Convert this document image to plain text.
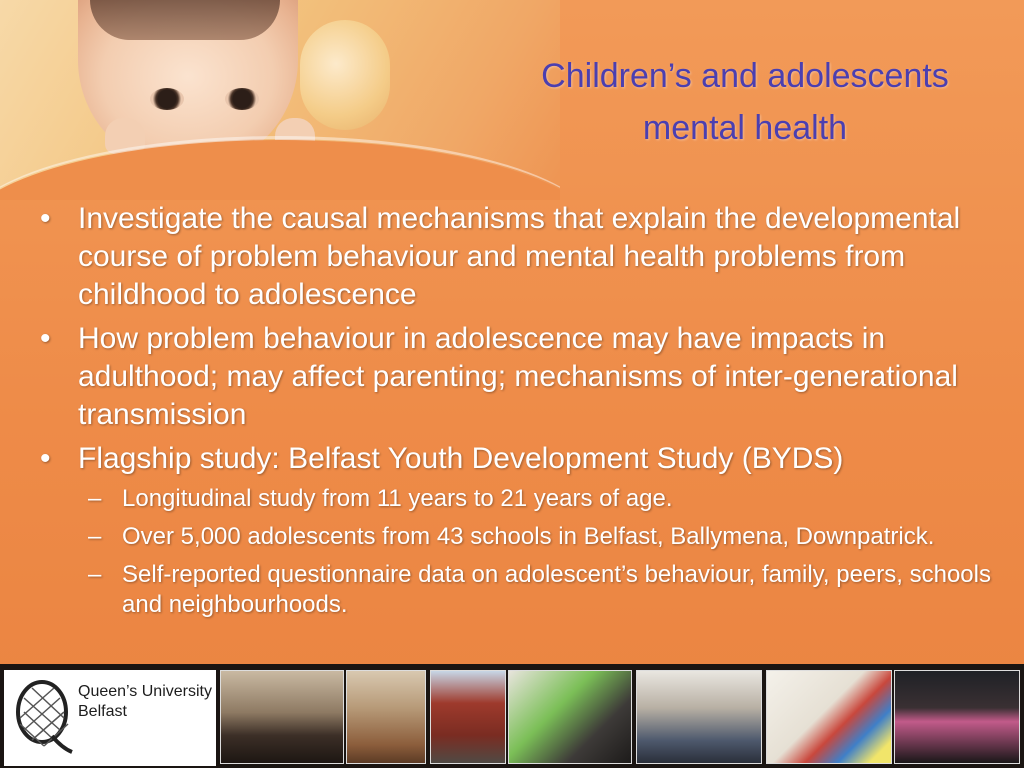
Children’s and adolescents
mental health
• Investigate the causal mechanisms that explain the developmental course of problem behaviour and mental health problems from childhood to adolescence
• How problem behaviour in adolescence may have impacts in adulthood; may affect parenting; mechanisms of inter-generational transmission
• Flagship study: Belfast Youth Development Study (BYDS)
– Longitudinal study from 11 years to 21 years of age.
– Over 5,000 adolescents from 43 schools in Belfast, Ballymena, Downpatrick.
– Self-reported questionnaire data on adolescent’s behaviour, family, peers, schools and neighbourhoods.
Queen’s University
Belfast
